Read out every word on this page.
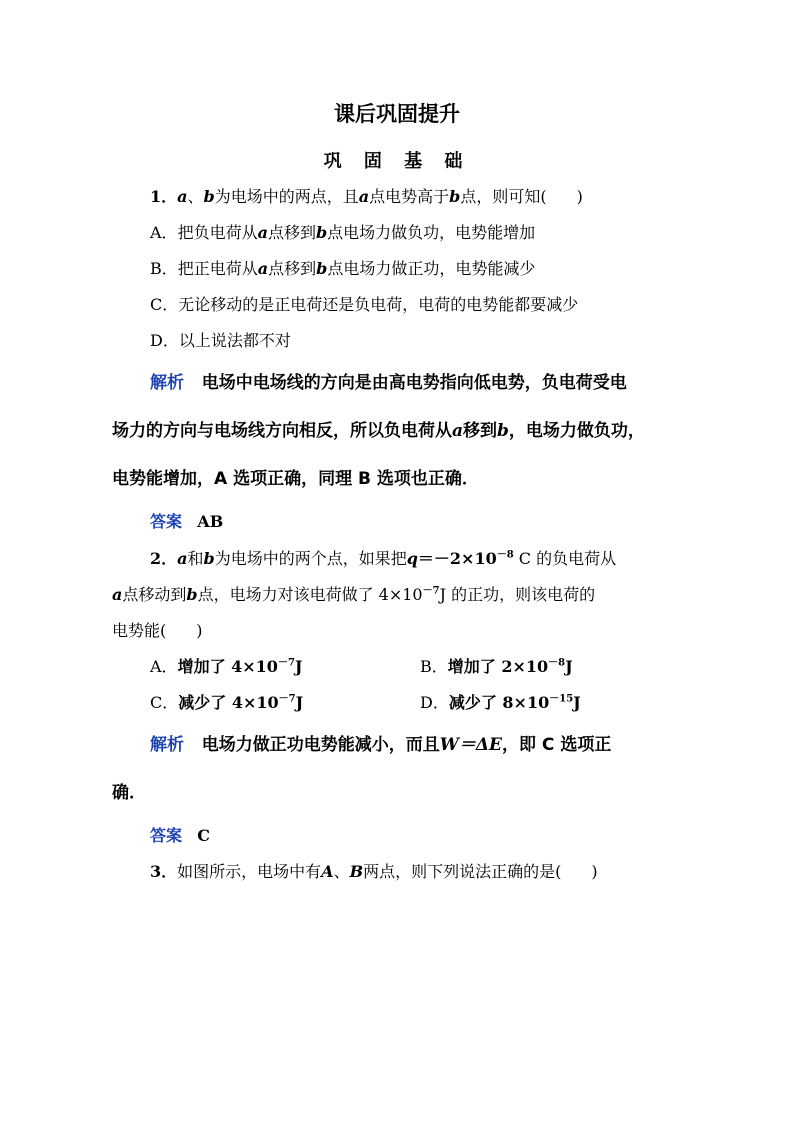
课后巩固提升
巩 固 基 础
1．a、b为电场中的两点，且a点电势高于b点，则可知( )
A．把负电荷从a点移到b点电场力做负功，电势能增加
B．把正电荷从a点移到b点电场力做正功，电势能减少
C．无论移动的是正电荷还是负电荷，电荷的电势能都要减少
D．以上说法都不对
解析 电场中电场线的方向是由高电势指向低电势，负电荷受电
场力的方向与电场线方向相反，所以负电荷从a移到b，电场力做负功，
电势能增加，A 选项正确，同理 B 选项也正确．
答案 AB
2．a和b为电场中的两个点，如果把$q=-2\times 10^{-8}$ C 的负电荷从
a点移动到b点，电场力对该电荷做了 $4\times 10^{-7}J$ 的正功，则该电荷的
电势能( )
A．增加了 $4\times 10^{-7}J$	B．增加了 $2\times 10^{-8}J$
C．减少了 $4\times 10^{-7}J$	D．减少了 $8\times 10^{-15}J$
解析 电场力做正功电势能减小，而且W＝ΔE，即 C 选项正
确．
答案 C
3．如图所示，电场中有A、B两点，则下列说法正确的是( )
